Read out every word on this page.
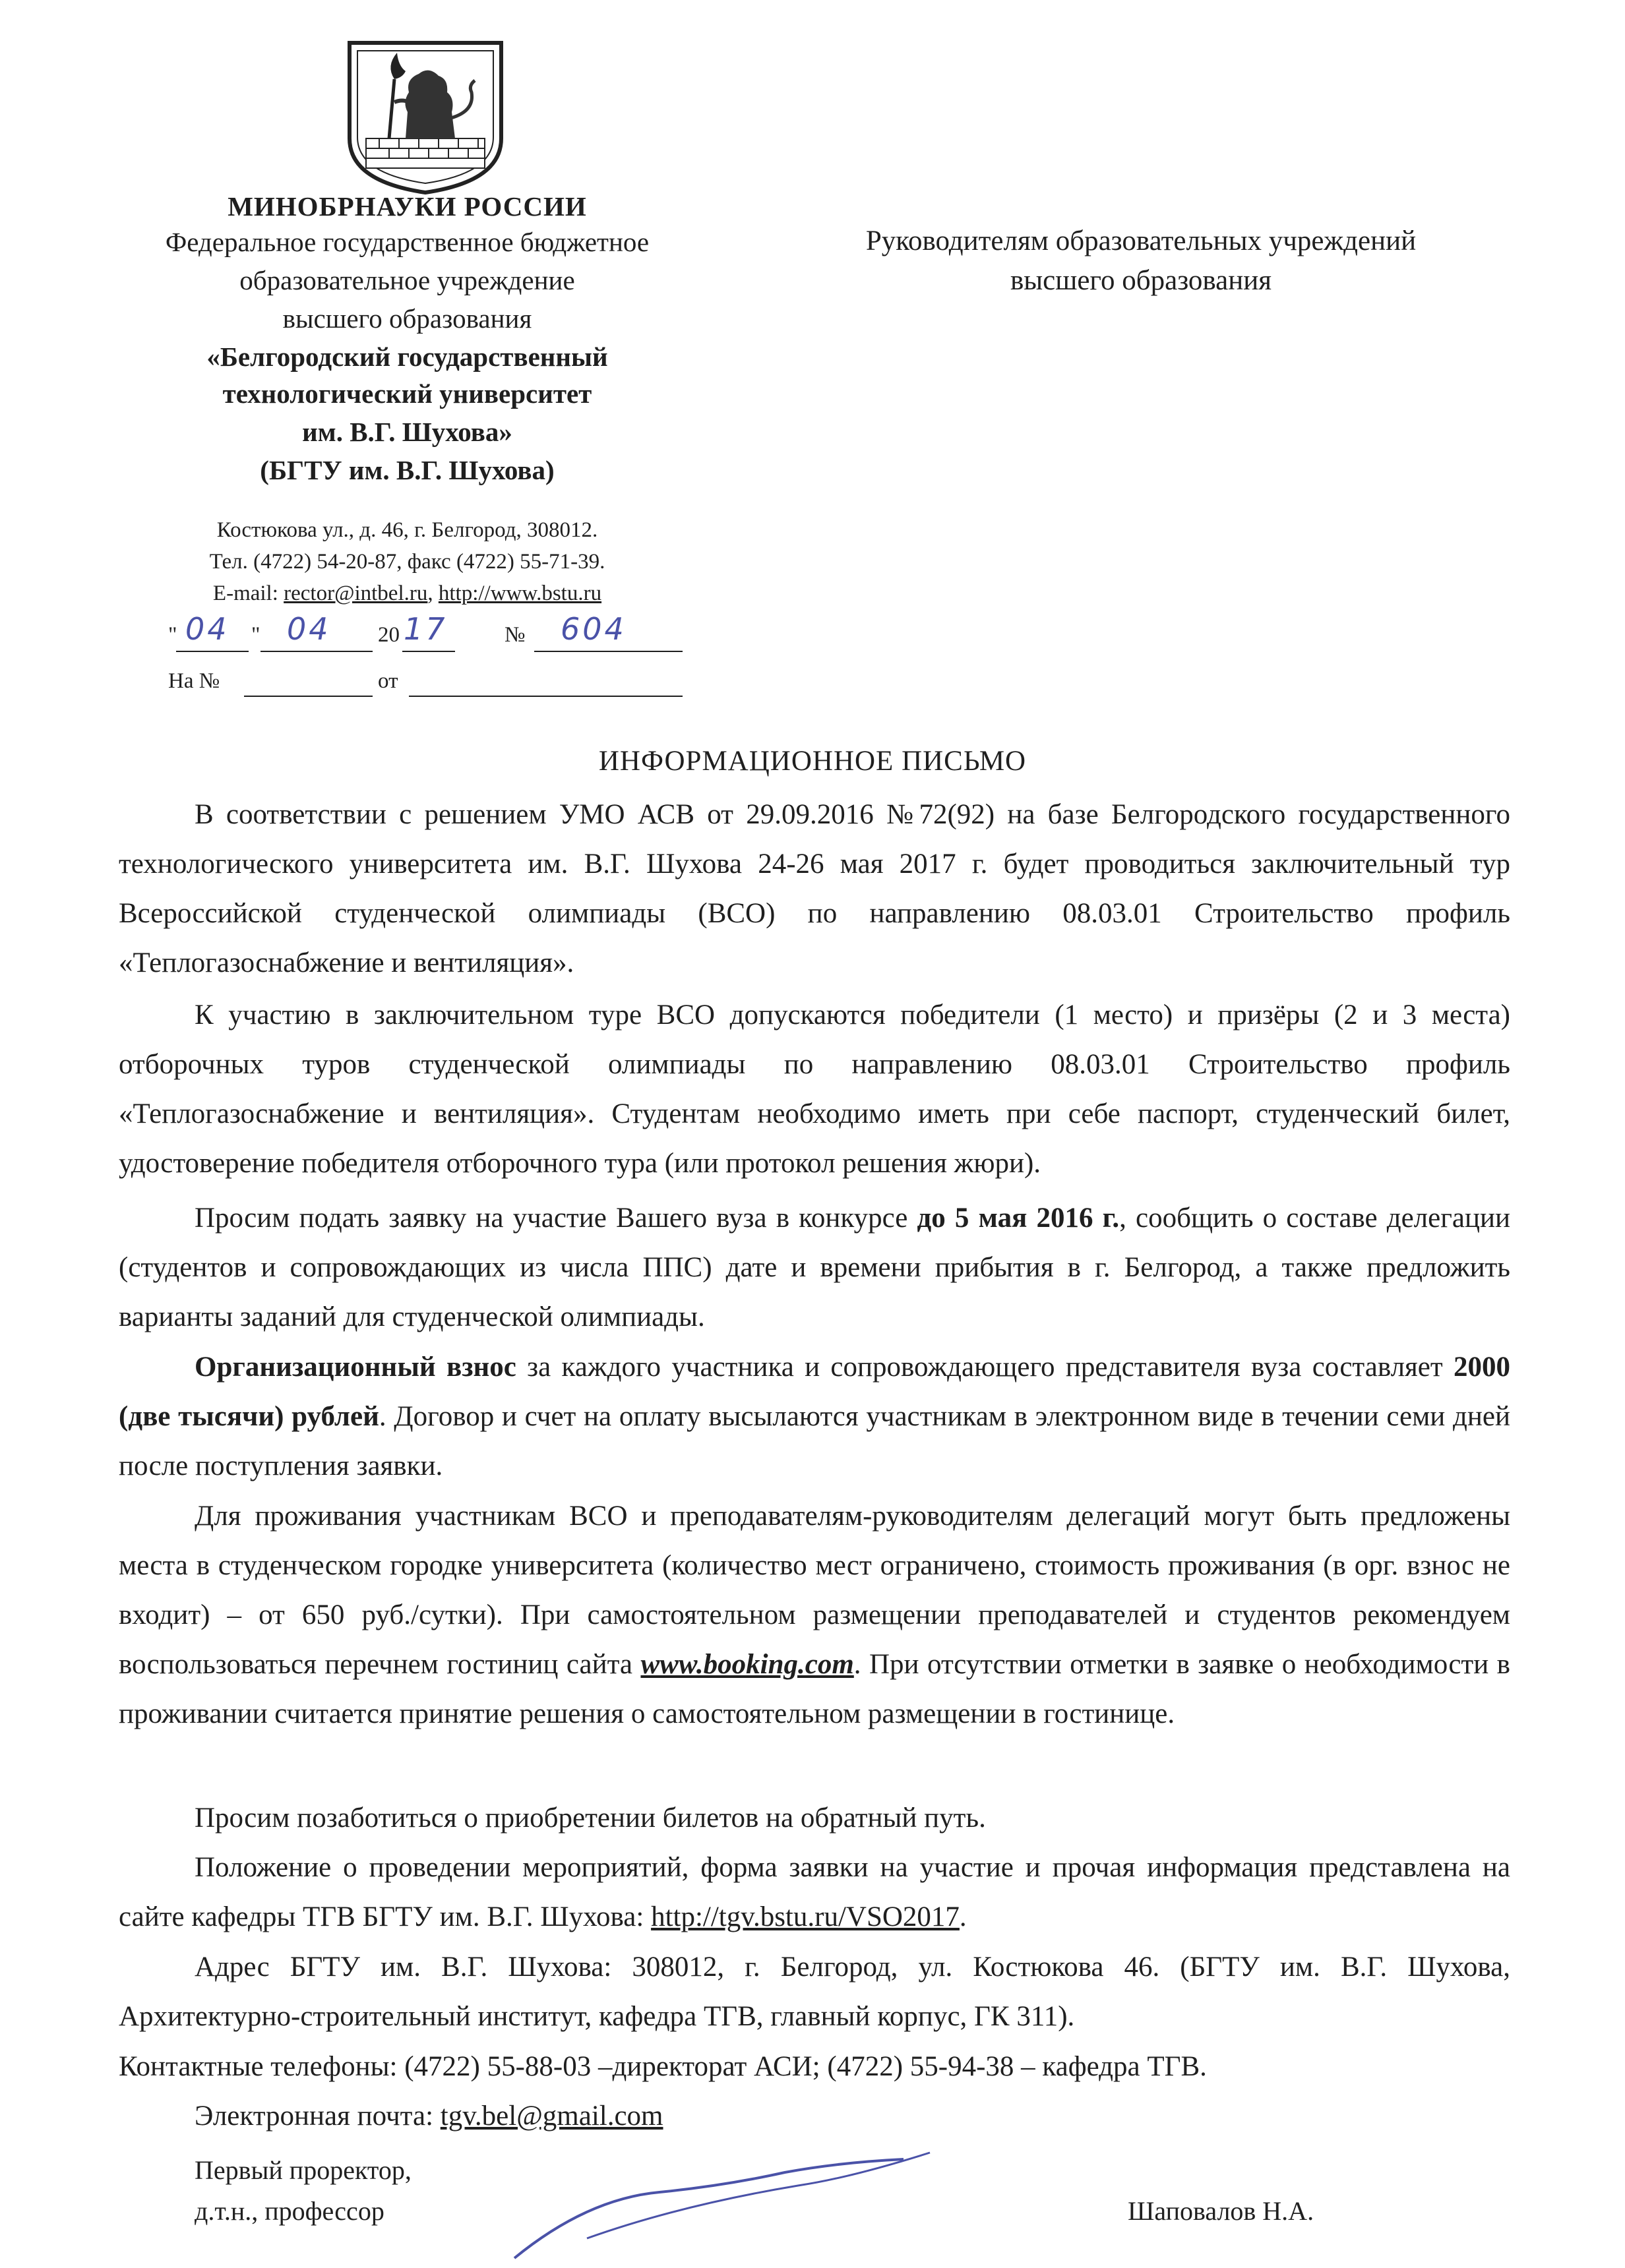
МИНОБРНАУКИ РОССИИ
Федеральное государственное бюджетное
образовательное учреждение
высшего образования
«Белгородский государственный
технологический университет
им. В.Г. Шухова»
(БГТУ им. В.Г. Шухова)
Костюкова ул., д. 46, г. Белгород, 308012.
Тел. (4722) 54-20-87, факс (4722) 55-71-39.
E-mail: rector@intbel.ru, http://www.bstu.ru
" 04 " 04 20 17	№ 604
На №	от
Руководителям образовательных учреждений
высшего образования
ИНФОРМАЦИОННОЕ ПИСЬМО
В соответствии с решением УМО АСВ от 29.09.2016 №72(92) на базе Белгородского государственного технологического университета им. В.Г. Шухова 24-26 мая 2017 г. будет проводиться заключительный тур Всероссийской студенческой олимпиады (ВСО) по направлению 08.03.01 Строительство профиль «Теплогазоснабжение и вентиляция».
К участию в заключительном туре ВСО допускаются победители (1 место) и призёры (2 и 3 места) отборочных туров студенческой олимпиады по направлению 08.03.01 Строительство профиль «Теплогазоснабжение и вентиляция». Студентам необходимо иметь при себе паспорт, студенческий билет, удостоверение победителя отборочного тура (или протокол решения жюри).
Просим подать заявку на участие Вашего вуза в конкурсе до 5 мая 2016 г., сообщить о составе делегации (студентов и сопровождающих из числа ППС) дате и времени прибытия в г. Белгород, а также предложить варианты заданий для студенческой олимпиады.
Организационный взнос за каждого участника и сопровождающего представителя вуза составляет 2000 (две тысячи) рублей. Договор и счет на оплату высылаются участникам в электронном виде в течении семи дней после поступления заявки.
Для проживания участникам ВСО и преподавателям-руководителям делегаций могут быть предложены места в студенческом городке университета (количество мест ограничено, стоимость проживания (в орг. взнос не входит) – от 650 руб./сутки). При самостоятельном размещении преподавателей и студентов рекомендуем воспользоваться перечнем гостиниц сайта www.booking.com. При отсутствии отметки в заявке о необходимости в проживании считается принятие решения о самостоятельном размещении в гостинице.
Просим позаботиться о приобретении билетов на обратный путь.
Положение о проведении мероприятий, форма заявки на участие и прочая информация представлена на сайте кафедры ТГВ БГТУ им. В.Г. Шухова: http://tgv.bstu.ru/VSO2017.
Адрес БГТУ им. В.Г. Шухова: 308012, г. Белгород, ул. Костюкова 46. (БГТУ им. В.Г. Шухова, Архитектурно-строительный институт, кафедра ТГВ, главный корпус, ГК 311).
Контактные телефоны: (4722) 55-88-03 –директорат АСИ; (4722) 55-94-38 – кафедра ТГВ.
Электронная почта: tgv.bel@gmail.com
Первый проректор,
д.т.н., профессор	Шаповалов Н.А.
